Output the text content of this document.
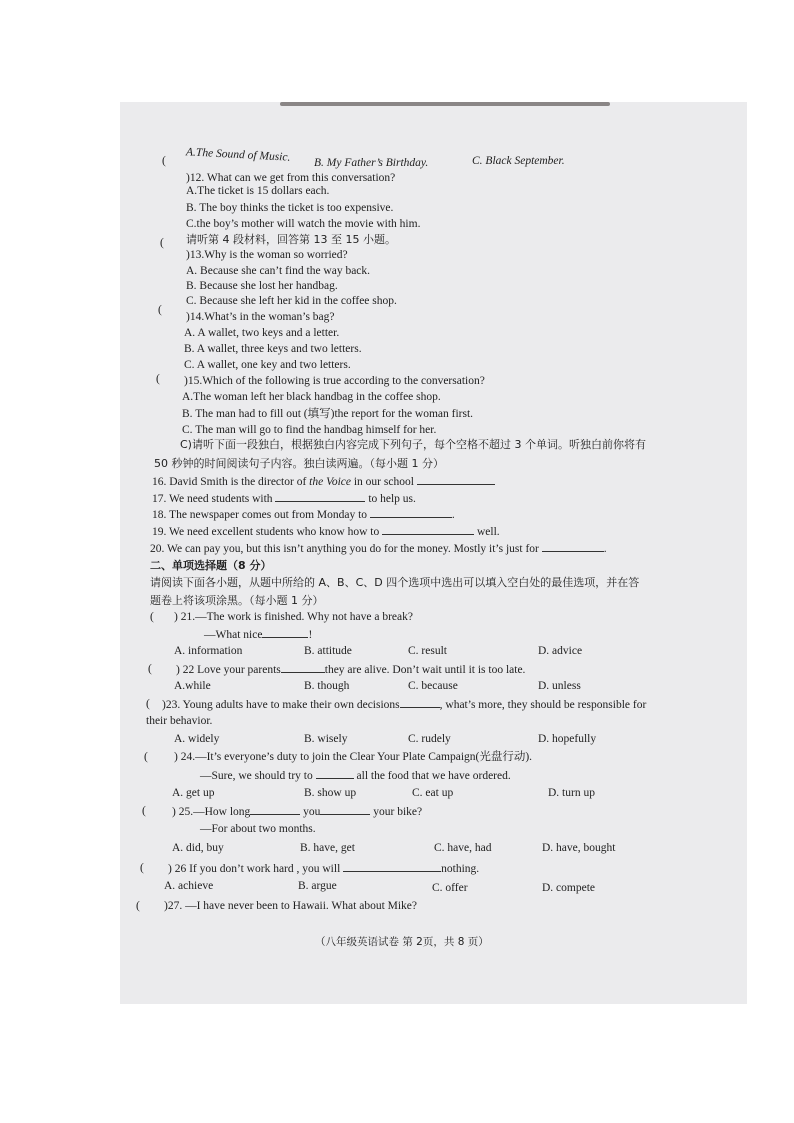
A.The Sound of Music. B. My Father’s Birthday.	C. Black September.
(
)12. What can we get from this conversation?
A.The ticket is 15 dollars each.
B. The boy thinks the ticket is too expensive.
C.the boy’s mother will watch the movie with him.
请听第 4 段材料，回答第 13 至 15 小题。
(
)13.Why is the woman so worried?
A. Because she can’t find the way back.
B. Because she lost her handbag.
C. Because she left her kid in the coffee shop.
(
)14.What’s in the woman’s bag?
A. A wallet, two keys and a letter.
B. A wallet, three keys and two letters.
C. A wallet, one key and two letters.
( )15.Which of the following is true according to the conversation?
A.The woman left her black handbag in the coffee shop.
B. The man had to fill out (填写)the report for the woman first.
C. The man will go to find the handbag himself for her.
C)请听下面一段独白，根据独白内容完成下列句子，每个空格不超过 3 个单词。听独白前你将有
50 秒钟的时间阅读句子内容。独白读两遍。（每小题 1 分）
16. David Smith is the director of the Voice in our school
17. We need students with	to help us.
18. The newspaper comes out from Monday to	.
19. We need excellent students who know how to	well.
20. We can pay you, but this isn’t anything you do for the money. Mostly it’s just for	.
二、单项选择题（8 分）
请阅读下面各小题，从题中所给的 A、B、C、D 四个选项中选出可以填入空白处的最佳选项，并在答
题卷上将该项涂黑。（每小题 1 分）
( ) 21.—The work is finished. Why not have a break?
—What nice	!
A. information	B. attitude	C. result	D. advice
( ) 22 Love your parents	they are alive. Don’t wait until it is too late.
A.while	B. though	C. because	D. unless
( )23. Young adults have to make their own decisions	, what’s more, they should be responsible for
their behavior.
A. widely	B. wisely	C. rudely	D. hopefully
( ) 24.—It’s everyone’s duty to join the Clear Your Plate Campaign(光盘行动).
—Sure, we should try to	all the food that we have ordered.
A. get up	B. show up	C. eat up	D. turn up
( ) 25.—How long	you	your bike?
—For about two months.
A. did, buy	B. have, get	C. have, had	D. have, bought
( ) 26 If you don’t work hard , you will	nothing.
A. achieve	B. argue	C. offer	D. compete
( )27. —I have never been to Hawaii. What about Mike?
（八年级英语试卷 第 2页，共 8 页）
